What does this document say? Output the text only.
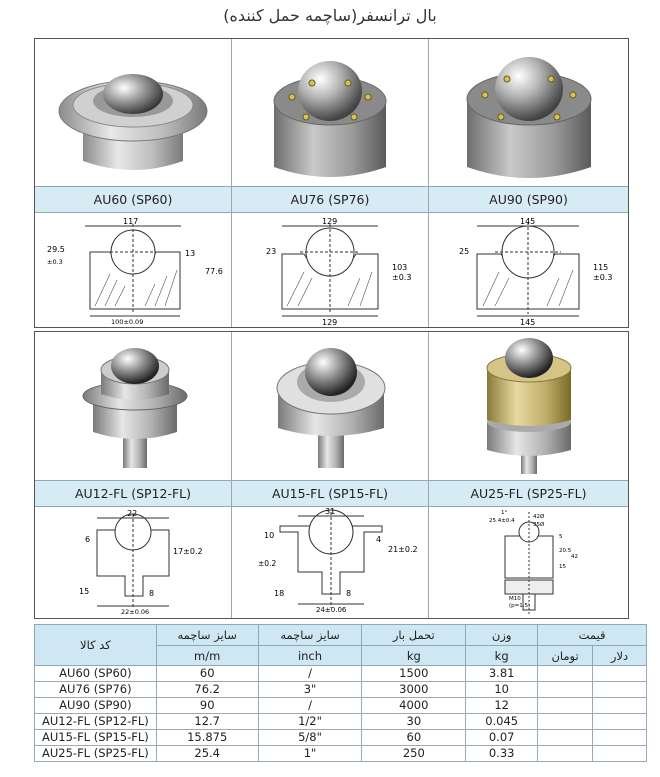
بال ترانسفر(ساچمه حمل کننده)
AU60 (SP60)
117
29.5
±0.3
13
77.6
100±0.09
AU76 (SP76)
129
23
103
±0.3
129
AU90 (SP90)
145
25
115
±0.3
145
AU12-FL (SP12-FL)
22
6
17±0.2
15	8
22±0.06
AU15-FL (SP15-FL)
31
10
±0.2
4
21±0.2
18	8
24±0.06
AU25-FL (SP25-FL)
1°
25.4±0.4
42Ø
35Ø
M10
(p=1.5)
20.5
5
15
42
کد کالا	سایز ساچمه	سایز ساچمه	تحمل بار	وزن	قیمت	
	m/m	inch	kg	kg	تومان	دلار
AU60 (SP60)	60	/	1500	3.81		
AU76 (SP76)	76.2	3"	3000	10		
AU90 (SP90)	90	/	4000	12		
AU12-FL (SP12-FL)	12.7	1/2"	30	0.045		
AU15-FL (SP15-FL)	15.875	5/8"	60	0.07		
AU25-FL (SP25-FL)	25.4	1"	250	0.33		
